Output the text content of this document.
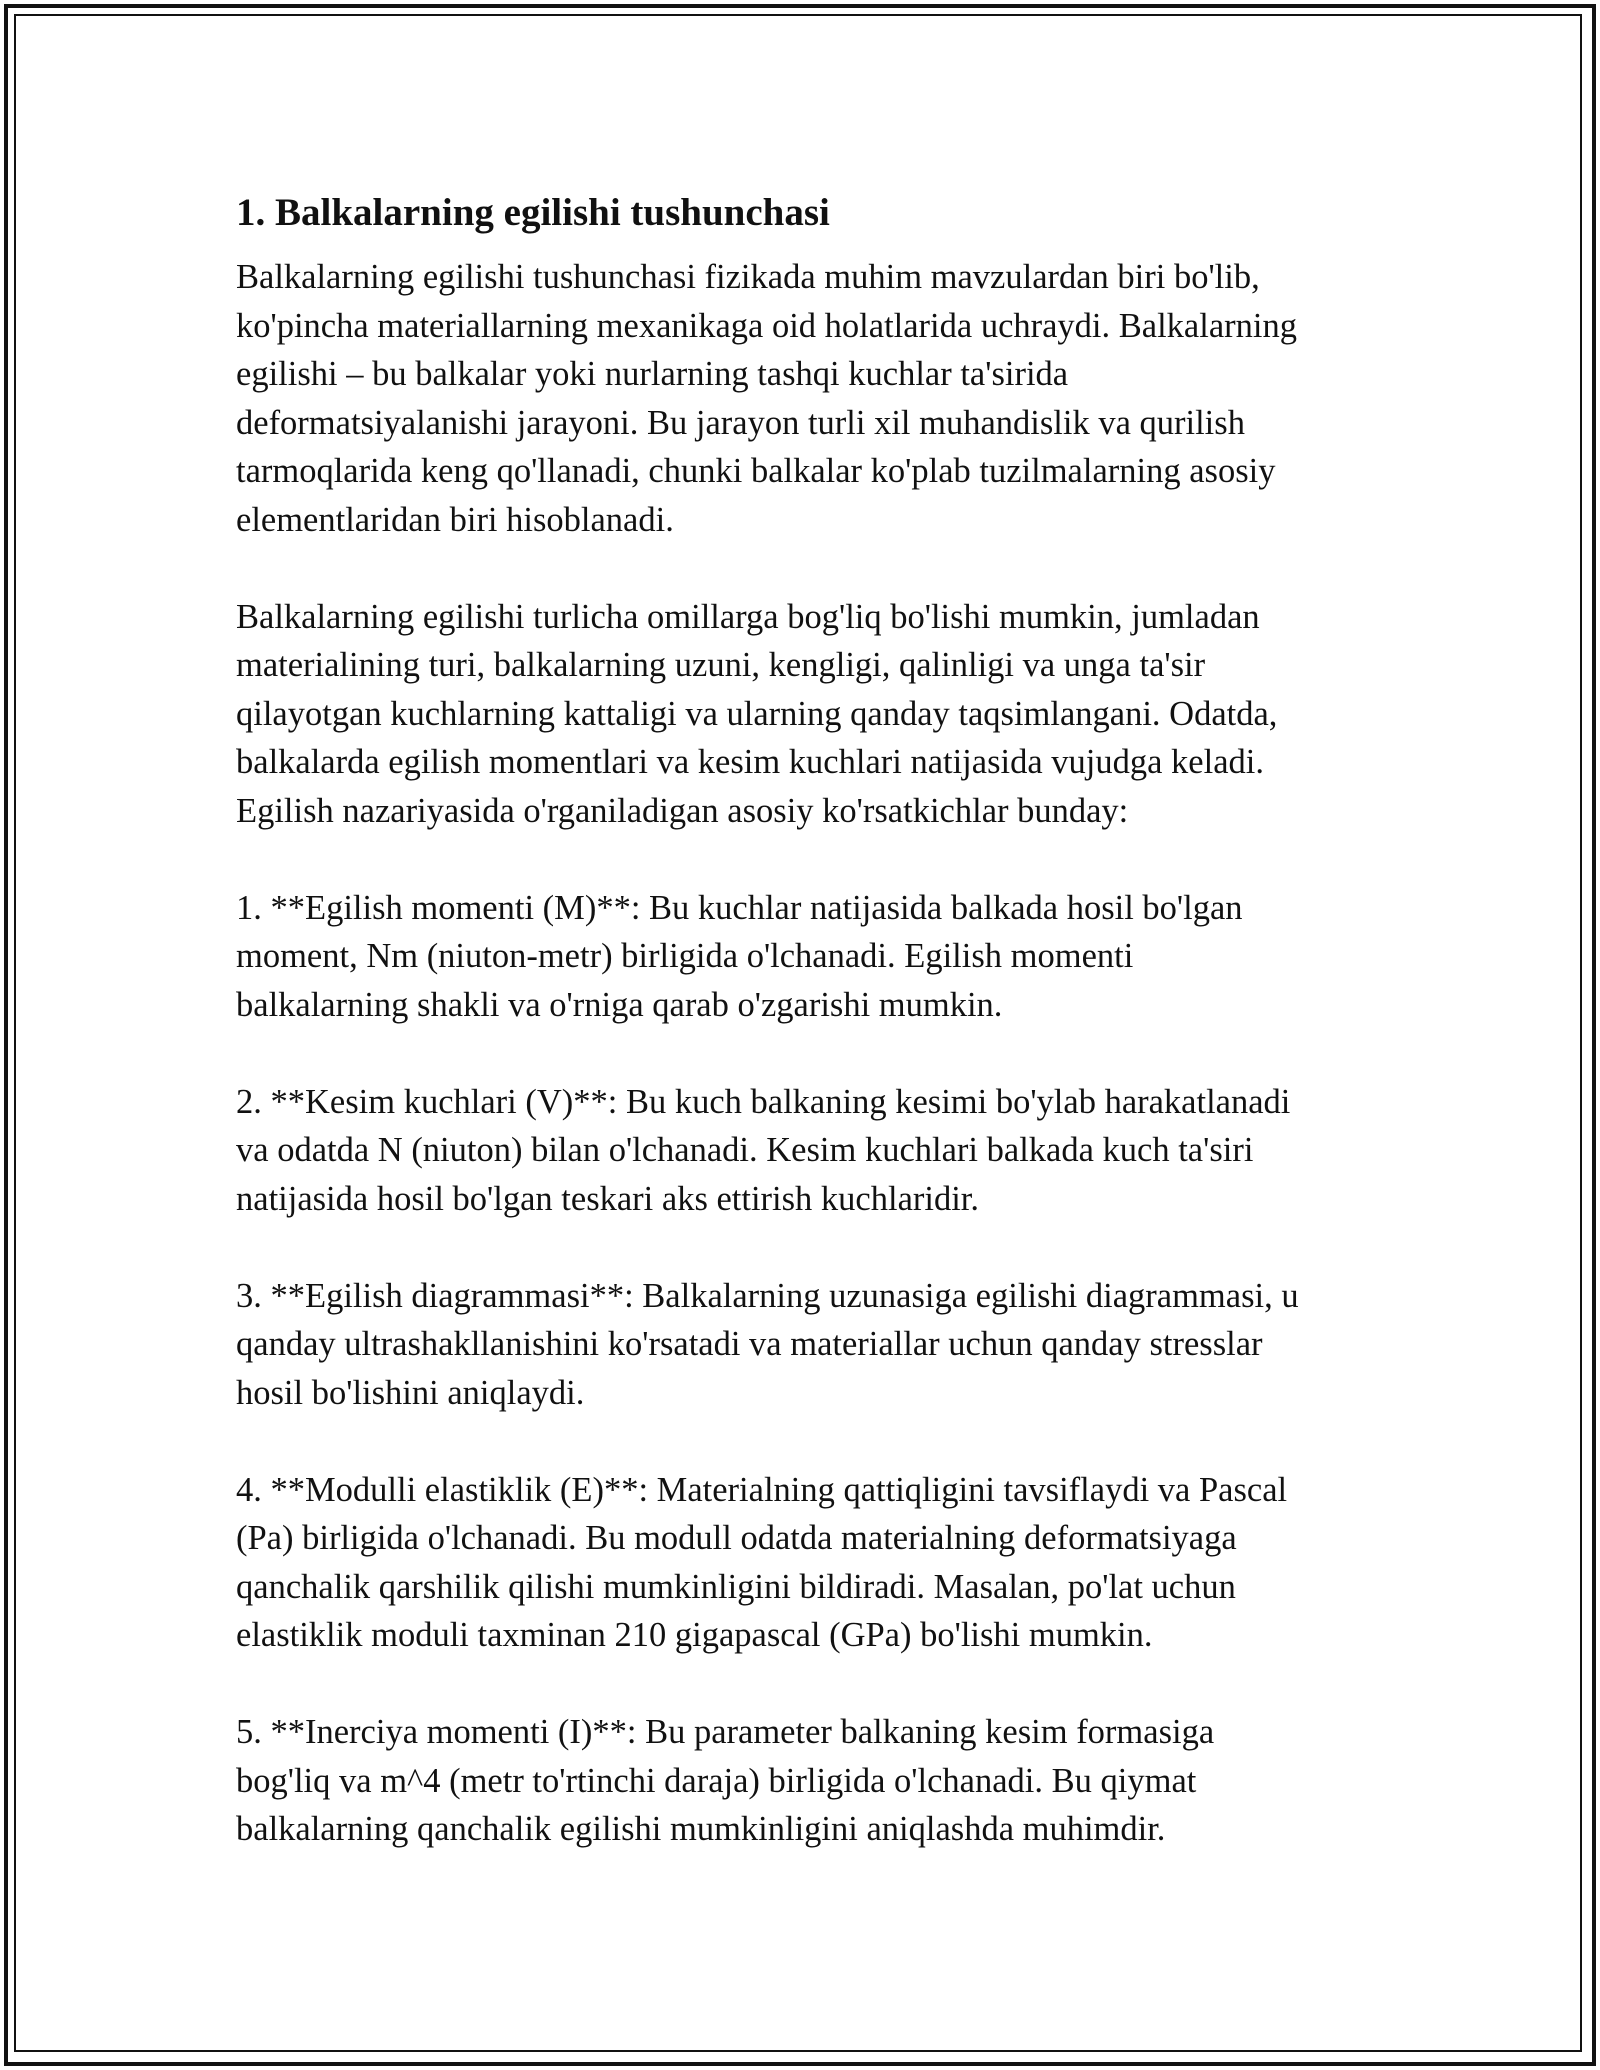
1. Balkalarning egilishi tushunchasi

Balkalarning egilishi tushunchasi fizikada muhim mavzulardan biri bo'lib,
ko'pincha materiallarning mexanikaga oid holatlarida uchraydi. Balkalarning
egilishi – bu balkalar yoki nurlarning tashqi kuchlar ta'sirida
deformatsiyalanishi jarayoni. Bu jarayon turli xil muhandislik va qurilish
tarmoqlarida keng qo'llanadi, chunki balkalar ko'plab tuzilmalarning asosiy
elementlaridan biri hisoblanadi.

Balkalarning egilishi turlicha omillarga bog'liq bo'lishi mumkin, jumladan
materialining turi, balkalarning uzuni, kengligi, qalinligi va unga ta'sir
qilayotgan kuchlarning kattaligi va ularning qanday taqsimlangani. Odatda,
balkalarda egilish momentlari va kesim kuchlari natijasida vujudga keladi.
Egilish nazariyasida o'rganiladigan asosiy ko'rsatkichlar bunday:

1. **Egilish momenti (M)**: Bu kuchlar natijasida balkada hosil bo'lgan
moment, Nm (niuton-metr) birligida o'lchanadi. Egilish momenti
balkalarning shakli va o'rniga qarab o'zgarishi mumkin.

2. **Kesim kuchlari (V)**: Bu kuch balkaning kesimi bo'ylab harakatlanadi
va odatda N (niuton) bilan o'lchanadi. Kesim kuchlari balkada kuch ta'siri
natijasida hosil bo'lgan teskari aks ettirish kuchlaridir.

3. **Egilish diagrammasi**: Balkalarning uzunasiga egilishi diagrammasi, u
qanday ultrashakllanishini ko'rsatadi va materiallar uchun qanday stresslar
hosil bo'lishini aniqlaydi.

4. **Modulli elastiklik (E)**: Materialning qattiqligini tavsiflaydi va Pascal
(Pa) birligida o'lchanadi. Bu modull odatda materialning deformatsiyaga
qanchalik qarshilik qilishi mumkinligini bildiradi. Masalan, po'lat uchun
elastiklik moduli taxminan 210 gigapascal (GPa) bo'lishi mumkin.

5. **Inerciya momenti (I)**: Bu parameter balkaning kesim formasiga
bog'liq va m^4 (metr to'rtinchi daraja) birligida o'lchanadi. Bu qiymat
balkalarning qanchalik egilishi mumkinligini aniqlashda muhimdir.
